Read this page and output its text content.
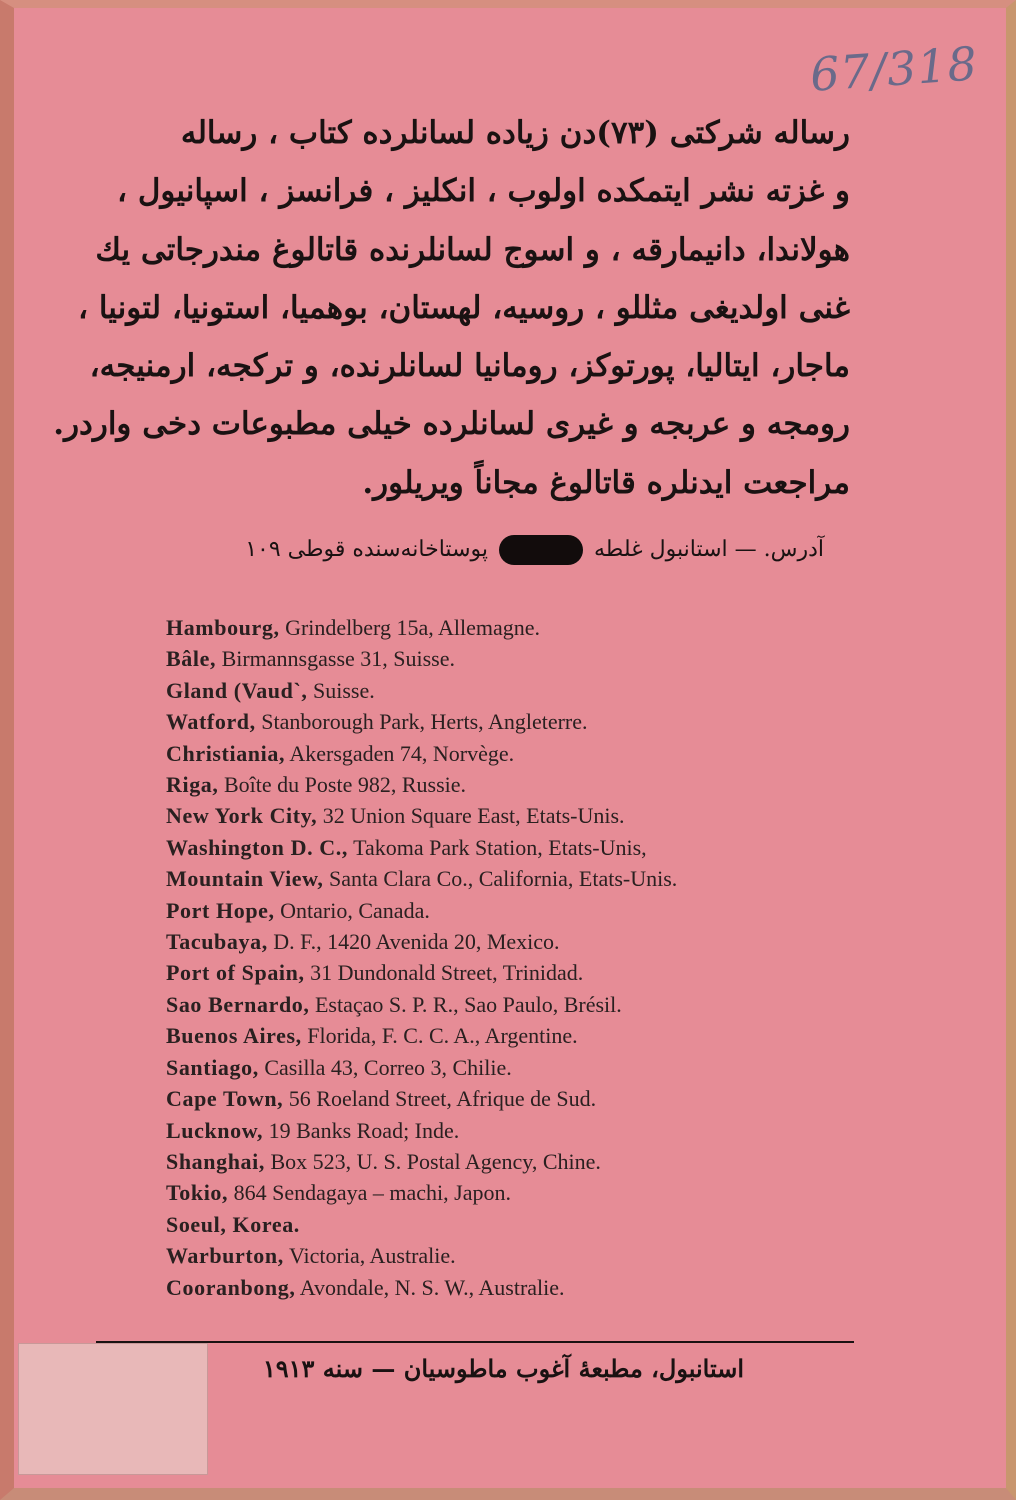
67/318
رساله شركتى (٧٣)دن زياده لسانلرده كتاب ، رساله
و غزته نشر ايتمكده اولوب ، انكليز ، فرانسز ، اسپانيول ،
هولاندا، دانيمارقه ، و اسوج لسانلرنده قاتالوغ مندرجاتى يك
غنى اولديغى مثللو ، روسيه، لهستان، بوهميا، استونيا، لتونيا ،
ماجار، ايتاليا، پورتوكز، رومانيا لسانلرنده، و تركجه، ارمنيجه،
رومجه و عربجه و غيرى لسانلرده خيلى مطبوعات دخى واردر.
مراجعت ايدنلره قاتالوغ مجاناً ويريلور.
آدرس. — استانبول غلطه  پوستاخانه‌سنده قوطى ١٠٩
Hambourg, Grindelberg 15a, Allemagne.
Bâle, Birmannsgasse 31, Suisse.
Gland (Vaud`, Suisse.
Watford, Stanborough Park, Herts, Angleterre.
Christiania, Akersgaden 74, Norvège.
Riga, Boîte du Poste 982, Russie.
New York City, 32 Union Square East, Etats-Unis.
Washington D. C., Takoma Park Station, Etats-Unis,
Mountain View, Santa Clara Co., California, Etats-Unis.
Port Hope, Ontario, Canada.
Tacubaya, D. F., 1420 Avenida 20, Mexico.
Port of Spain, 31 Dundonald Street, Trinidad.
Sao Bernardo, Estaçao S. P. R., Sao Paulo, Brésil.
Buenos Aires, Florida, F. C. C. A., Argentine.
Santiago, Casilla 43, Correo 3, Chilie.
Cape Town, 56 Roeland Street, Afrique de Sud.
Lucknow, 19 Banks Road; Inde.
Shanghai, Box 523, U. S. Postal Agency, Chine.
Tokio, 864 Sendagaya – machi, Japon.
Soeul, Korea.
Warburton, Victoria, Australie.
Cooranbong, Avondale, N. S. W., Australie.
استانبول، مطبعهٔ آغوب ماطوسيان — سنه ١٩١٣
